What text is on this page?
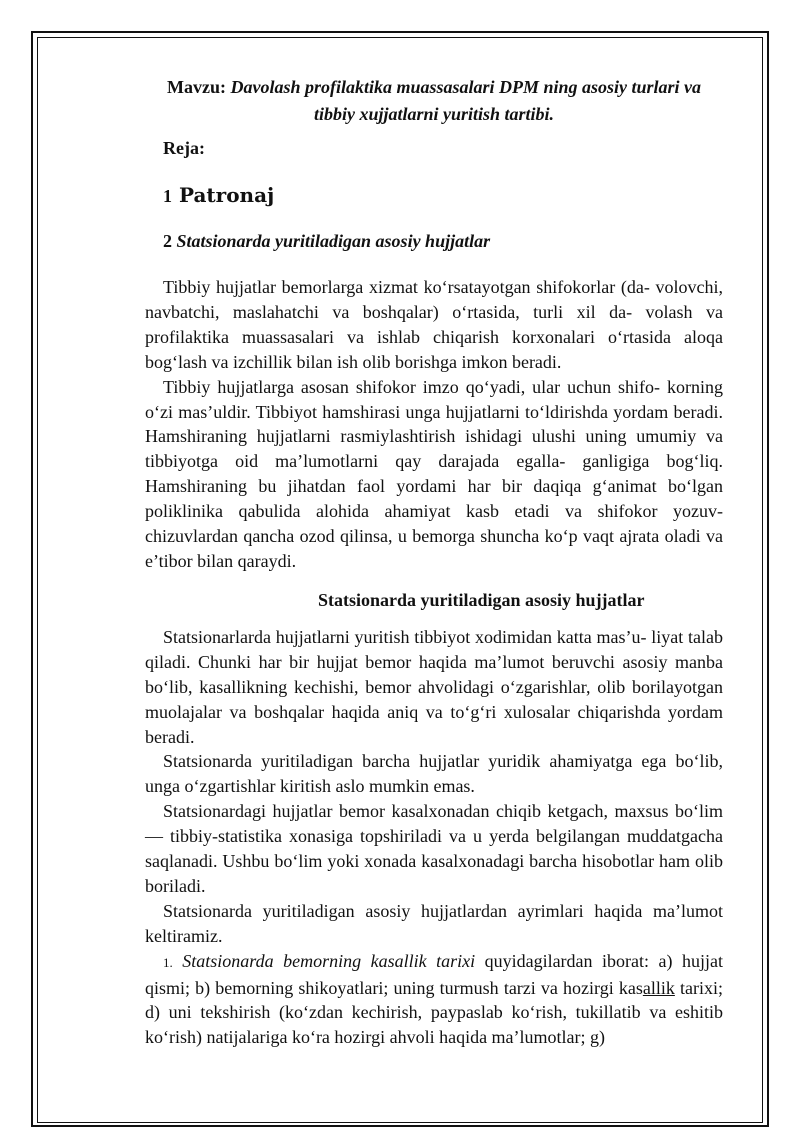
Mavzu: Davolash profilaktika muassasalari DPM ning asosiy turlari va tibbiy xujjatlarni yuritish tartibi.

Reja:
1 Patronaj
2 Statsionarda yuritiladigan asosiy hujjatlar

Tibbiy hujjatlar bemorlarga xizmat ko‘rsatayotgan shifokorlar (da- volovchi, navbatchi, maslahatchi va boshqalar) o‘rtasida, turli xil da- volash va profilaktika muassasalari va ishlab chiqarish korxonalari o‘rtasida aloqa bog‘lash va izchillik bilan ish olib borishga imkon beradi.

Tibbiy hujjatlarga asosan shifokor imzo qo‘yadi, ular uchun shifo- korning o‘zi mas’uldir. Tibbiyot hamshirasi unga hujjatlarni to‘ldirishda yordam beradi. Hamshiraning hujjatlarni rasmiylashtirish ishidagi ulushi uning umumiy va tibbiyotga oid ma’lumotlarni qay darajada egalla- ganligiga bog‘liq. Hamshiraning bu jihatdan faol yordami har bir daqiqa g‘animat bo‘lgan poliklinika qabulida alohida ahamiyat kasb etadi va shifokor yozuv- chizuvlardan qancha ozod qilinsa, u bemorga shuncha ko‘p vaqt ajrata oladi va e’tibor bilan qaraydi.

Statsionarda yuritiladigan asosiy hujjatlar

Statsionarlarda hujjatlarni yuritish tibbiyot xodimidan katta mas’u- liyat talab qiladi. Chunki har bir hujjat bemor haqida ma’lumot beruvchi asosiy manba bo‘lib, kasallikning kechishi, bemor ahvolidagi o‘zgarishlar, olib borilayotgan muolajalar va boshqalar haqida aniq va to‘g‘ri xulosalar chiqarishda yordam beradi.

Statsionarda yuritiladigan barcha hujjatlar yuridik ahamiyatga ega bo‘lib, unga o‘zgartishlar kiritish aslo mumkin emas.

Statsionardagi hujjatlar bemor kasalxonadan chiqib ketgach, maxsus bo‘lim — tibbiy-statistika xonasiga topshiriladi va u yerda belgilangan muddatgacha saqlanadi. Ushbu bo‘lim yoki xonada kasalxonadagi barcha hisobotlar ham olib boriladi.

Statsionarda yuritiladigan asosiy hujjatlardan ayrimlari haqida ma’lumot keltiramiz.

1. Statsionarda bemorning kasallik tarixi quyidagilardan iborat: a) hujjat qismi; b) bemorning shikoyatlari; uning turmush tarzi va hozirgi kasallik tarixi; d) uni tekshirish (ko‘zdan kechirish, paypaslab ko‘rish, tukillatib va eshitib ko‘rish) natijalariga ko‘ra hozirgi ahvoli haqida ma’lumotlar; g)
